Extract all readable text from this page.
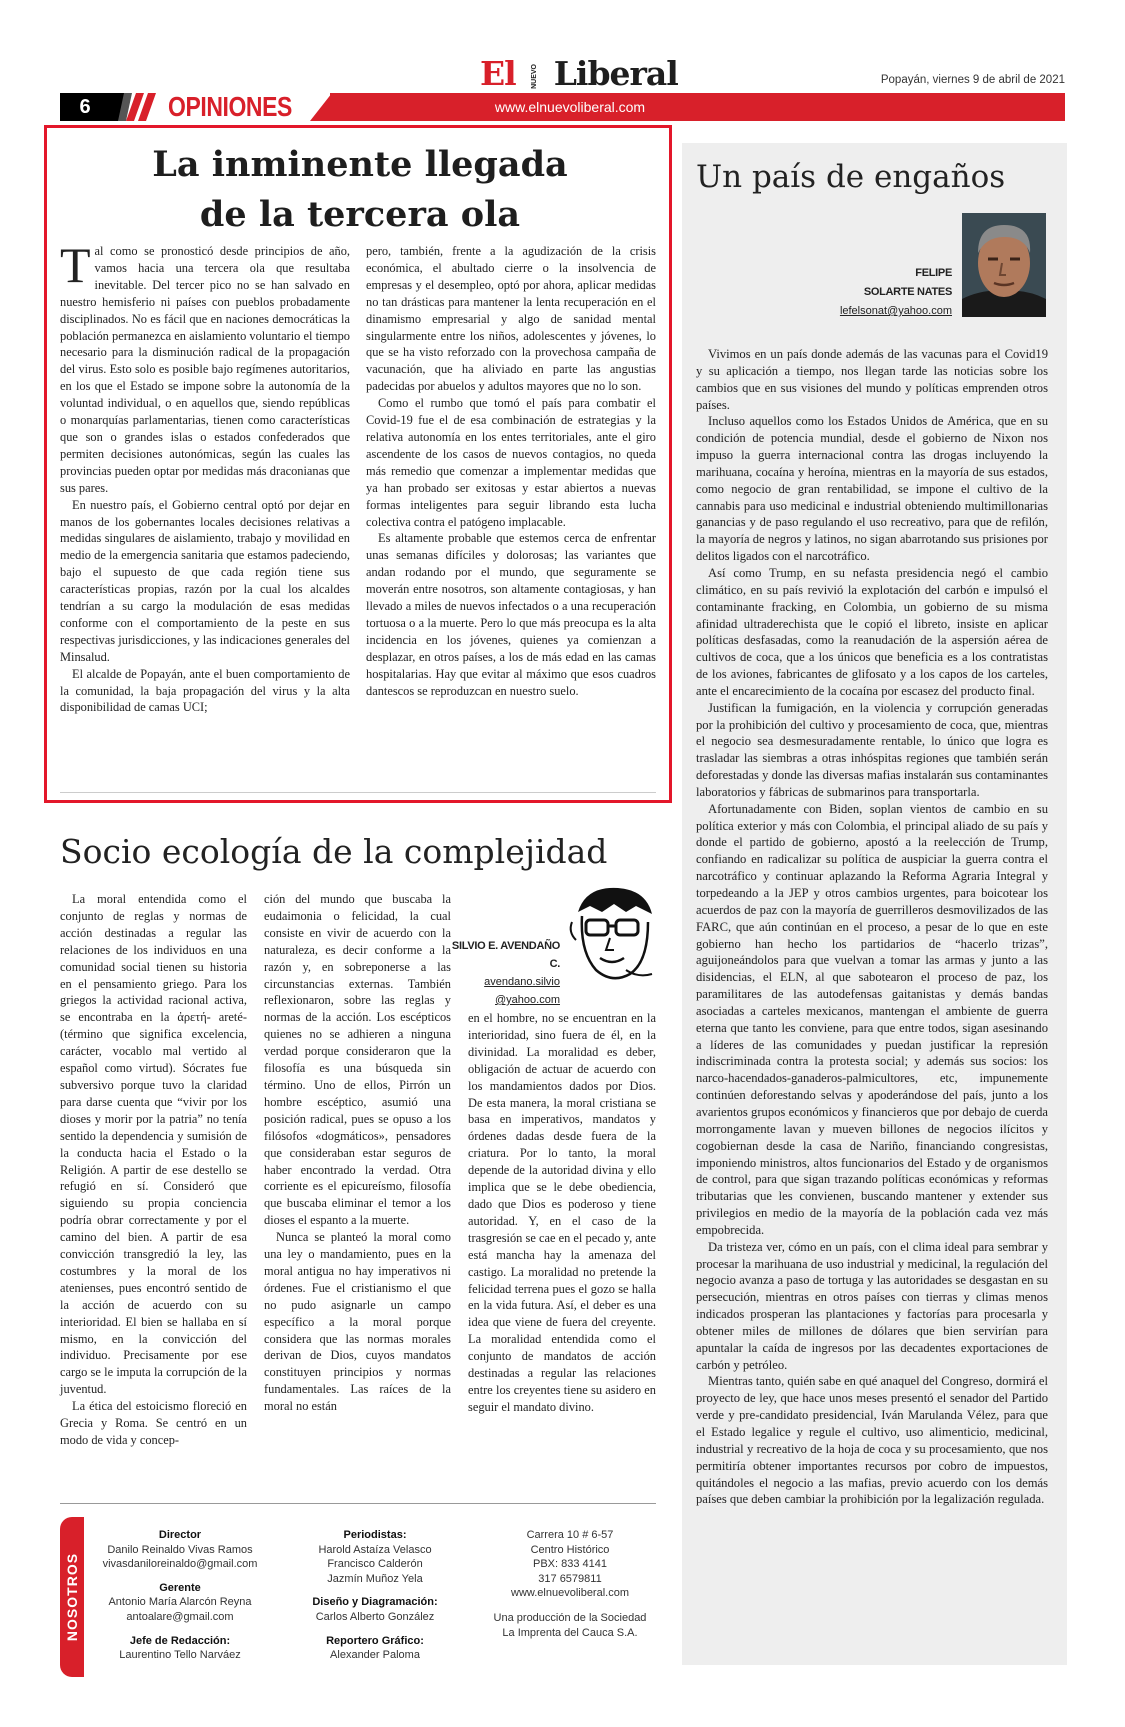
El NUEVO Liberal	Popayán, viernes 9 de abril de 2021
6	OPINIONES	www.elnuevoliberal.com
La inminente llegada
de la tercera ola

Tal como se pronosticó desde principios de año, vamos hacia una tercera ola que resultaba inevitable. Del tercer pico no se han salvado en nuestro hemisferio ni países con pueblos probadamente disciplinados. No es fácil que en naciones democráticas la población permanezca en aislamiento voluntario el tiempo necesario para la disminución radical de la propagación del virus. Esto solo es posible bajo regímenes autoritarios, en los que el Estado se impone sobre la autonomía de la voluntad individual, o en aquellos que, siendo repúblicas o monarquías parlamentarias, tienen como características que son o grandes islas o estados confederados que permiten decisiones autonómicas, según las cuales las provincias pueden optar por medidas más draconianas que sus pares.

En nuestro país, el Gobierno central optó por dejar en manos de los gobernantes locales decisiones relativas a medidas singulares de aislamiento, trabajo y movilidad en medio de la emergencia sanitaria que estamos padeciendo, bajo el supuesto de que cada región tiene sus características propias, razón por la cual los alcaldes tendrían a su cargo la modulación de esas medidas conforme con el comportamiento de la peste en sus respectivas jurisdicciones, y las indicaciones generales del Minsalud.

El alcalde de Popayán, ante el buen comportamiento de la comunidad, la baja propagación del virus y la alta disponibilidad de camas UCI;

pero, también, frente a la agudización de la crisis económica, el abultado cierre o la insolvencia de empresas y el desempleo, optó por ahora, aplicar medidas no tan drásticas para mantener la lenta recuperación en el dinamismo empresarial y algo de sanidad mental singularmente entre los niños, adolescentes y jóvenes, lo que se ha visto reforzado con la provechosa campaña de vacunación, que ha aliviado en parte las angustias padecidas por abuelos y adultos mayores que no lo son.

Como el rumbo que tomó el país para combatir el Covid-19 fue el de esa combinación de estrategias y la relativa autonomía en los entes territoriales, ante el giro ascendente de los casos de nuevos contagios, no queda más remedio que comenzar a implementar medidas que ya han probado ser exitosas y estar abiertos a nuevas formas inteligentes para seguir librando esta lucha colectiva contra el patógeno implacable.

Es altamente probable que estemos cerca de enfrentar unas semanas difíciles y dolorosas; las variantes que andan rodando por el mundo, que seguramente se moverán entre nosotros, son altamente contagiosas, y han llevado a miles de nuevos infectados o a una recuperación tortuosa o a la muerte. Pero lo que más preocupa es la alta incidencia en los jóvenes, quienes ya comienzan a desplazar, en otros países, a los de más edad en las camas hospitalarias. Hay que evitar al máximo que esos cuadros dantescos se reproduzcan en nuestro suelo.

Socio ecología de la complejidad

La moral entendida como el conjunto de reglas y normas de acción destinadas a regular las relaciones de los individuos en una comunidad social tienen su historia en el pensamiento griego. Para los griegos la actividad racional activa, se encontraba en la ἀρετή- areté- (término que significa excelencia, carácter, vocablo mal vertido al español como virtud). Sócrates fue subversivo porque tuvo la claridad para darse cuenta que “vivir por los dioses y morir por la patria” no tenía sentido la dependencia y sumisión de la conducta hacia el Estado o la Religión. A partir de ese destello se refugió en sí. Consideró que siguiendo su propia conciencia podría obrar correctamente y por el camino del bien. A partir de esa convicción transgredió la ley, las costumbres y la moral de los atenienses, pues encontró sentido de la acción de acuerdo con su interioridad. El bien se hallaba en sí mismo, en la convicción del individuo. Precisamente por ese cargo se le imputa la corrupción de la juventud.

La ética del estoicismo floreció en Grecia y Roma. Se centró en un modo de vida y concep-

ción del mundo que buscaba la eudaimonia o felicidad, la cual consiste en vivir de acuerdo con la naturaleza, es decir conforme a la razón y, en sobreponerse a las circunstancias externas. También reflexionaron, sobre las reglas y normas de la acción. Los escépticos quienes no se adhieren a ninguna verdad porque consideraron que la filosofía es una búsqueda sin término. Uno de ellos, Pirrón un hombre escéptico, asumió una posición radical, pues se opuso a los filósofos «dogmáticos», pensadores que consideraban estar seguros de haber encontrado la verdad. Otra corriente es el epicureísmo, filosofía que buscaba eliminar el temor a los dioses el espanto a la muerte.

Nunca se planteó la moral como una ley o mandamiento, pues en la moral antigua no hay imperativos ni órdenes. Fue el cristianismo el que no pudo asignarle un campo específico a la moral porque considera que las normas morales derivan de Dios, cuyos mandatos constituyen principios y normas fundamentales. Las raíces de la moral no están

SILVIO E. AVENDAÑO C.
avendano.silvio
@yahoo.com

en el hombre, no se encuentran en la interioridad, sino fuera de él, en la divinidad. La moralidad es deber, obligación de actuar de acuerdo con los mandamientos dados por Dios. De esta manera, la moral cristiana se basa en imperativos, mandatos y órdenes dadas desde fuera de la criatura. Por lo tanto, la moral depende de la autoridad divina y ello implica que se le debe obediencia, dado que Dios es poderoso y tiene autoridad. Y, en el caso de la trasgresión se cae en el pecado y, ante está mancha hay la amenaza del castigo. La moralidad no pretende la felicidad terrena pues el gozo se halla en la vida futura. Así, el deber es una idea que viene de fuera del creyente. La moralidad entendida como el conjunto de mandatos de acción destinadas a regular las relaciones entre los creyentes tiene su asidero en seguir el mandato divino.

NOSOTROS
Director
Danilo Reinaldo Vivas Ramos
vivasdaniloreinaldo@gmail.com
Gerente
Antonio María Alarcón Reyna
antoalare@gmail.com
Jefe de Redacción:
Laurentino Tello Narváez
Periodistas:
Harold Astaíza Velasco
Francisco Calderón
Jazmín Muñoz Yela
Diseño y Diagramación:
Carlos Alberto González
Reportero Gráfico:
Alexander Paloma
Carrera 10 # 6-57
Centro Histórico
PBX: 833 4141
317 6579811
www.elnuevoliberal.com
Una producción de la Sociedad
La Imprenta del Cauca S.A.
Un país de engaños
FELIPE
SOLARTE NATES
lefelsonat@yahoo.com

Vivimos en un país donde además de las vacunas para el Covid19 y su aplicación a tiempo, nos llegan tarde las noticias sobre los cambios que en sus visiones del mundo y políticas emprenden otros países.

Incluso aquellos como los Estados Unidos de América, que en su condición de potencia mundial, desde el gobierno de Nixon nos impuso la guerra internacional contra las drogas incluyendo la marihuana, cocaína y heroína, mientras en la mayoría de sus estados, como negocio de gran rentabilidad, se impone el cultivo de la cannabis para uso medicinal e industrial obteniendo multimillonarias ganancias y de paso regulando el uso recreativo, para que de refilón, la mayoría de negros y latinos, no sigan abarrotando sus prisiones por delitos ligados con el narcotráfico.

Así como Trump, en su nefasta presidencia negó el cambio climático, en su país revivió la explotación del carbón e impulsó el contaminante fracking, en Colombia, un gobierno de su misma afinidad ultraderechista que le copió el libreto, insiste en aplicar políticas desfasadas, como la reanudación de la aspersión aérea de cultivos de coca, que a los únicos que beneficia es a los contratistas de los aviones, fabricantes de glifosato y a los capos de los carteles, ante el encarecimiento de la cocaína por escasez del producto final.

Justifican la fumigación, en la violencia y corrupción generadas por la prohibición del cultivo y procesamiento de coca, que, mientras el negocio sea desmesuradamente rentable, lo único que logra es trasladar las siembras a otras inhóspitas regiones que también serán deforestadas y donde las diversas mafias instalarán sus contaminantes laboratorios y fábricas de submarinos para transportarla.

Afortunadamente con Biden, soplan vientos de cambio en su política exterior y más con Colombia, el principal aliado de su país y donde el partido de gobierno, apostó a la reelección de Trump, confiando en radicalizar su política de auspiciar la guerra contra el narcotráfico y continuar aplazando la Reforma Agraria Integral y torpedeando a la JEP y otros cambios urgentes, para boicotear los acuerdos de paz con la mayoría de guerrilleros desmovilizados de las FARC, que aún continúan en el proceso, a pesar de lo que en este gobierno han hecho los partidarios de “hacerlo trizas”, aguijoneándolos para que vuelvan a tomar las armas y junto a las disidencias, el ELN, al que sabotearon el proceso de paz, los paramilitares de las autodefensas gaitanistas y demás bandas asociadas a carteles mexicanos, mantengan el ambiente de guerra eterna que tanto les conviene, para que entre todos, sigan asesinando a líderes de las comunidades y puedan justificar la represión indiscriminada contra la protesta social; y además sus socios: los narco-hacendados-ganaderos-palmicultores, etc, impunemente continúen deforestando selvas y apoderándose del país, junto a los avarientos grupos económicos y financieros que por debajo de cuerda morrongamente lavan y mueven billones de negocios ilícitos y cogobiernan desde la casa de Nariño, financiando congresistas, imponiendo ministros, altos funcionarios del Estado y de organismos de control, para que sigan trazando políticas económicas y reformas tributarias que les convienen, buscando mantener y extender sus privilegios en medio de la mayoría de la población cada vez más empobrecida.

Da tristeza ver, cómo en un país, con el clima ideal para sembrar y procesar la marihuana de uso industrial y medicinal, la regulación del negocio avanza a paso de tortuga y las autoridades se desgastan en su persecución, mientras en otros países con tierras y climas menos indicados prosperan las plantaciones y factorías para procesarla y obtener miles de millones de dólares que bien servirían para apuntalar la caída de ingresos por las decadentes exportaciones de carbón y petróleo.

Mientras tanto, quién sabe en qué anaquel del Congreso, dormirá el proyecto de ley, que hace unos meses presentó el senador del Partido verde y pre-candidato presidencial, Iván Marulanda Vélez, para que el Estado legalice y regule el cultivo, uso alimenticio, medicinal, industrial y recreativo de la hoja de coca y su procesamiento, que nos permitiría obtener importantes recursos por cobro de impuestos, quitándoles el negocio a las mafias, previo acuerdo con los demás países que deben cambiar la prohibición por la legalización regulada.
